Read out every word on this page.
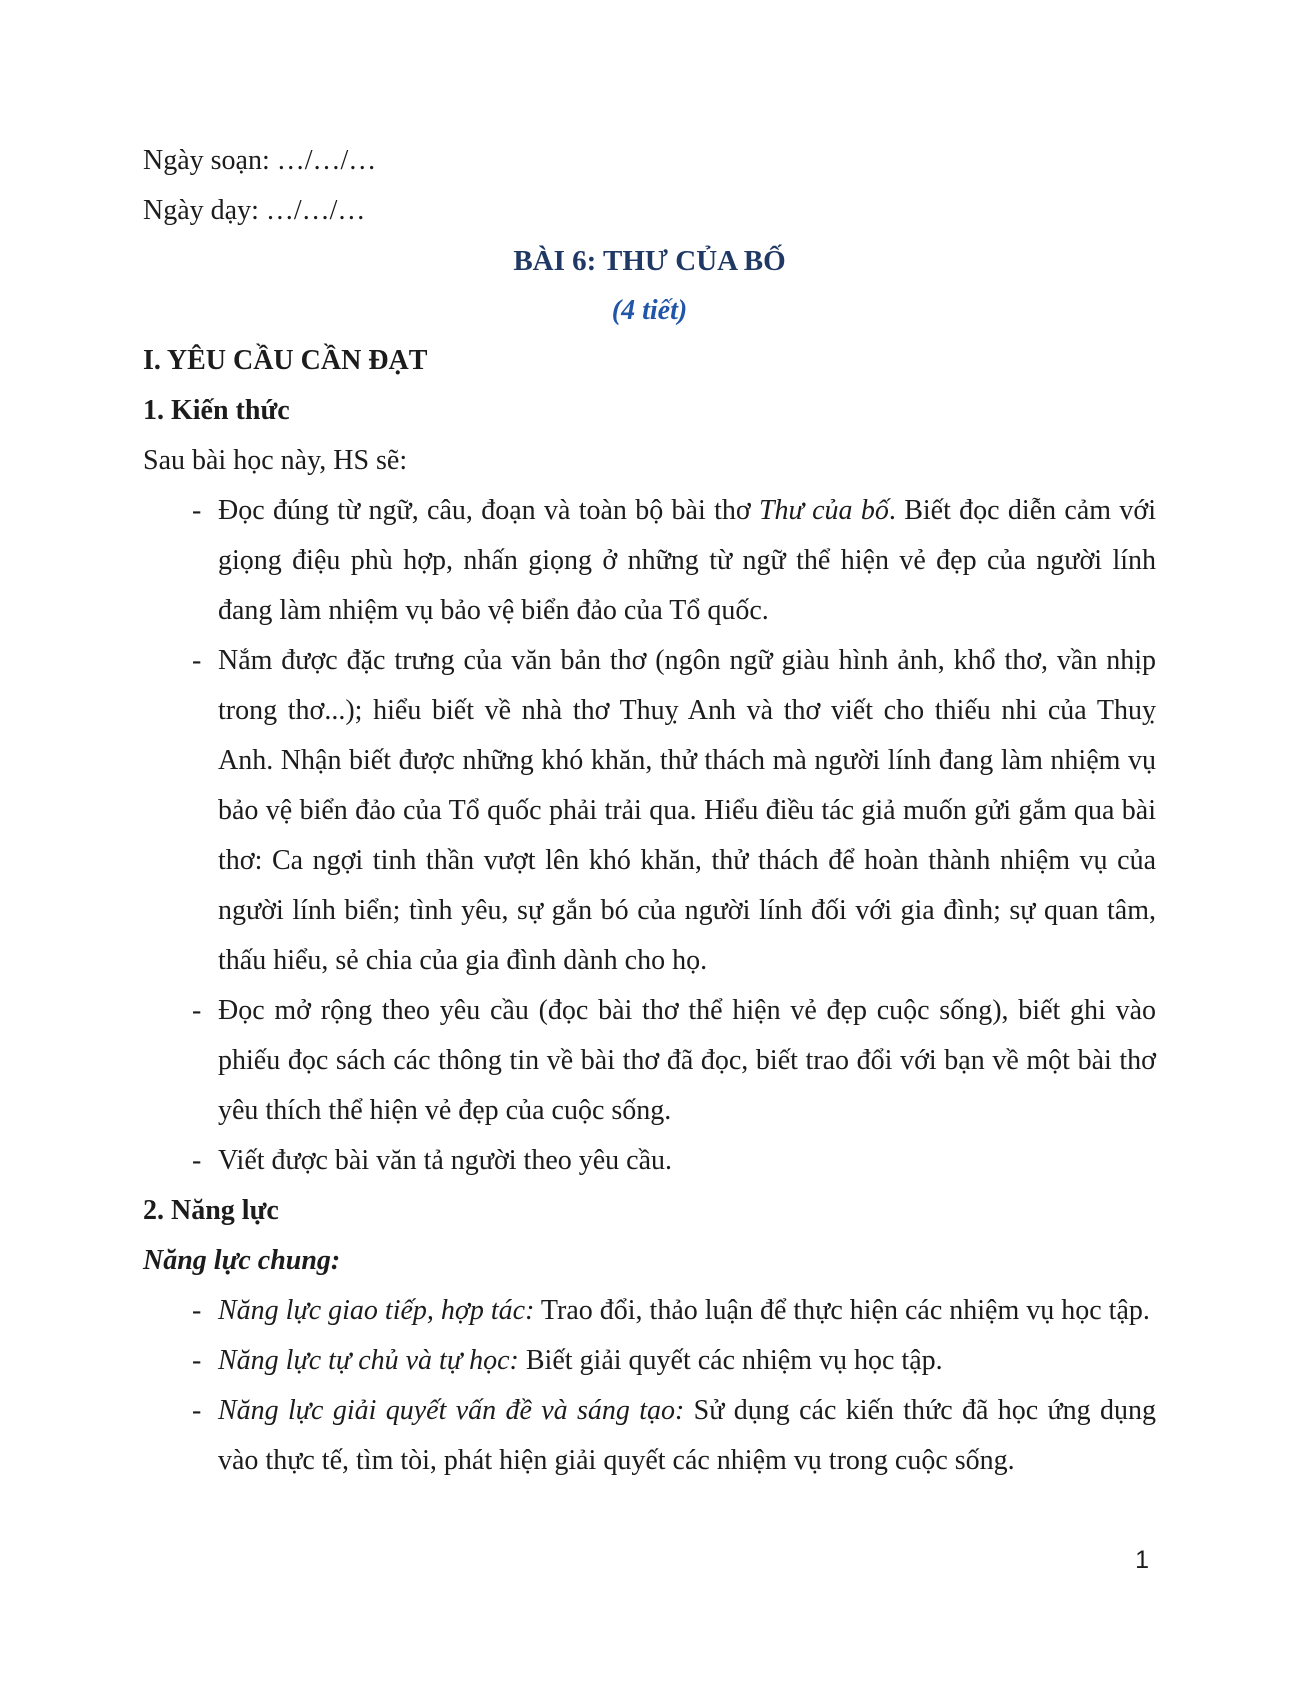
Ngày soạn: …/…/…

Ngày dạy: …/…/…

BÀI 6: THƯ CỦA BỐ
(4 tiết)
I. YÊU CẦU CẦN ĐẠT
1. Kiến thức

Sau bài học này, HS sẽ:

- Đọc đúng từ ngữ, câu, đoạn và toàn bộ bài thơ Thư của bố. Biết đọc diễn cảm với giọng điệu phù hợp, nhấn giọng ở những từ ngữ thể hiện vẻ đẹp của người lính đang làm nhiệm vụ bảo vệ biển đảo của Tổ quốc.
- Nắm được đặc trưng của văn bản thơ (ngôn ngữ giàu hình ảnh, khổ thơ, vần nhịp trong thơ...); hiểu biết về nhà thơ Thuỵ Anh và thơ viết cho thiếu nhi của Thuỵ Anh. Nhận biết được những khó khăn, thử thách mà người lính đang làm nhiệm vụ bảo vệ biển đảo của Tổ quốc phải trải qua. Hiểu điều tác giả muốn gửi gắm qua bài thơ: Ca ngợi tinh thần vượt lên khó khăn, thử thách để hoàn thành nhiệm vụ của người lính biển; tình yêu, sự gắn bó của người lính đối với gia đình; sự quan tâm, thấu hiểu, sẻ chia của gia đình dành cho họ.
- Đọc mở rộng theo yêu cầu (đọc bài thơ thể hiện vẻ đẹp cuộc sống), biết ghi vào phiếu đọc sách các thông tin về bài thơ đã đọc, biết trao đổi với bạn về một bài thơ yêu thích thể hiện vẻ đẹp của cuộc sống.
- Viết được bài văn tả người theo yêu cầu.
2. Năng lực
Năng lực chung:
- Năng lực giao tiếp, hợp tác: Trao đổi, thảo luận để thực hiện các nhiệm vụ học tập.
- Năng lực tự chủ và tự học: Biết giải quyết các nhiệm vụ học tập.
- Năng lực giải quyết vấn đề và sáng tạo: Sử dụng các kiến thức đã học ứng dụng vào thực tế, tìm tòi, phát hiện giải quyết các nhiệm vụ trong cuộc sống.
1
